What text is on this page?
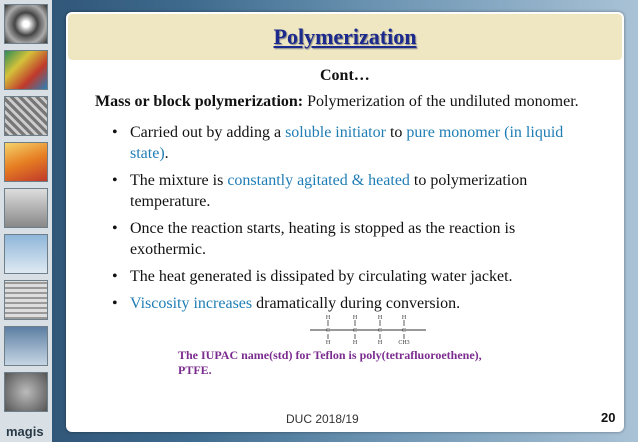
magis
Polymerization
Cont…
Mass or block polymerization: Polymerization of the undiluted monomer.
• Carried out by adding a soluble initiator to pure monomer (in liquid state).
• The mixture is constantly agitated & heated to polymerization temperature.
• Once the reaction starts, heating is stopped as the reaction is exothermic.
• The heat generated is dissipated by circulating water jacket.
• Viscosity increases dramatically during conversion.
H
C
H
H
C
H
H
C
H
H
C
CH3
The IUPAC name(std) for Teflon is poly(tetrafluoroethene), PTFE.
DUC 2018/19	20
